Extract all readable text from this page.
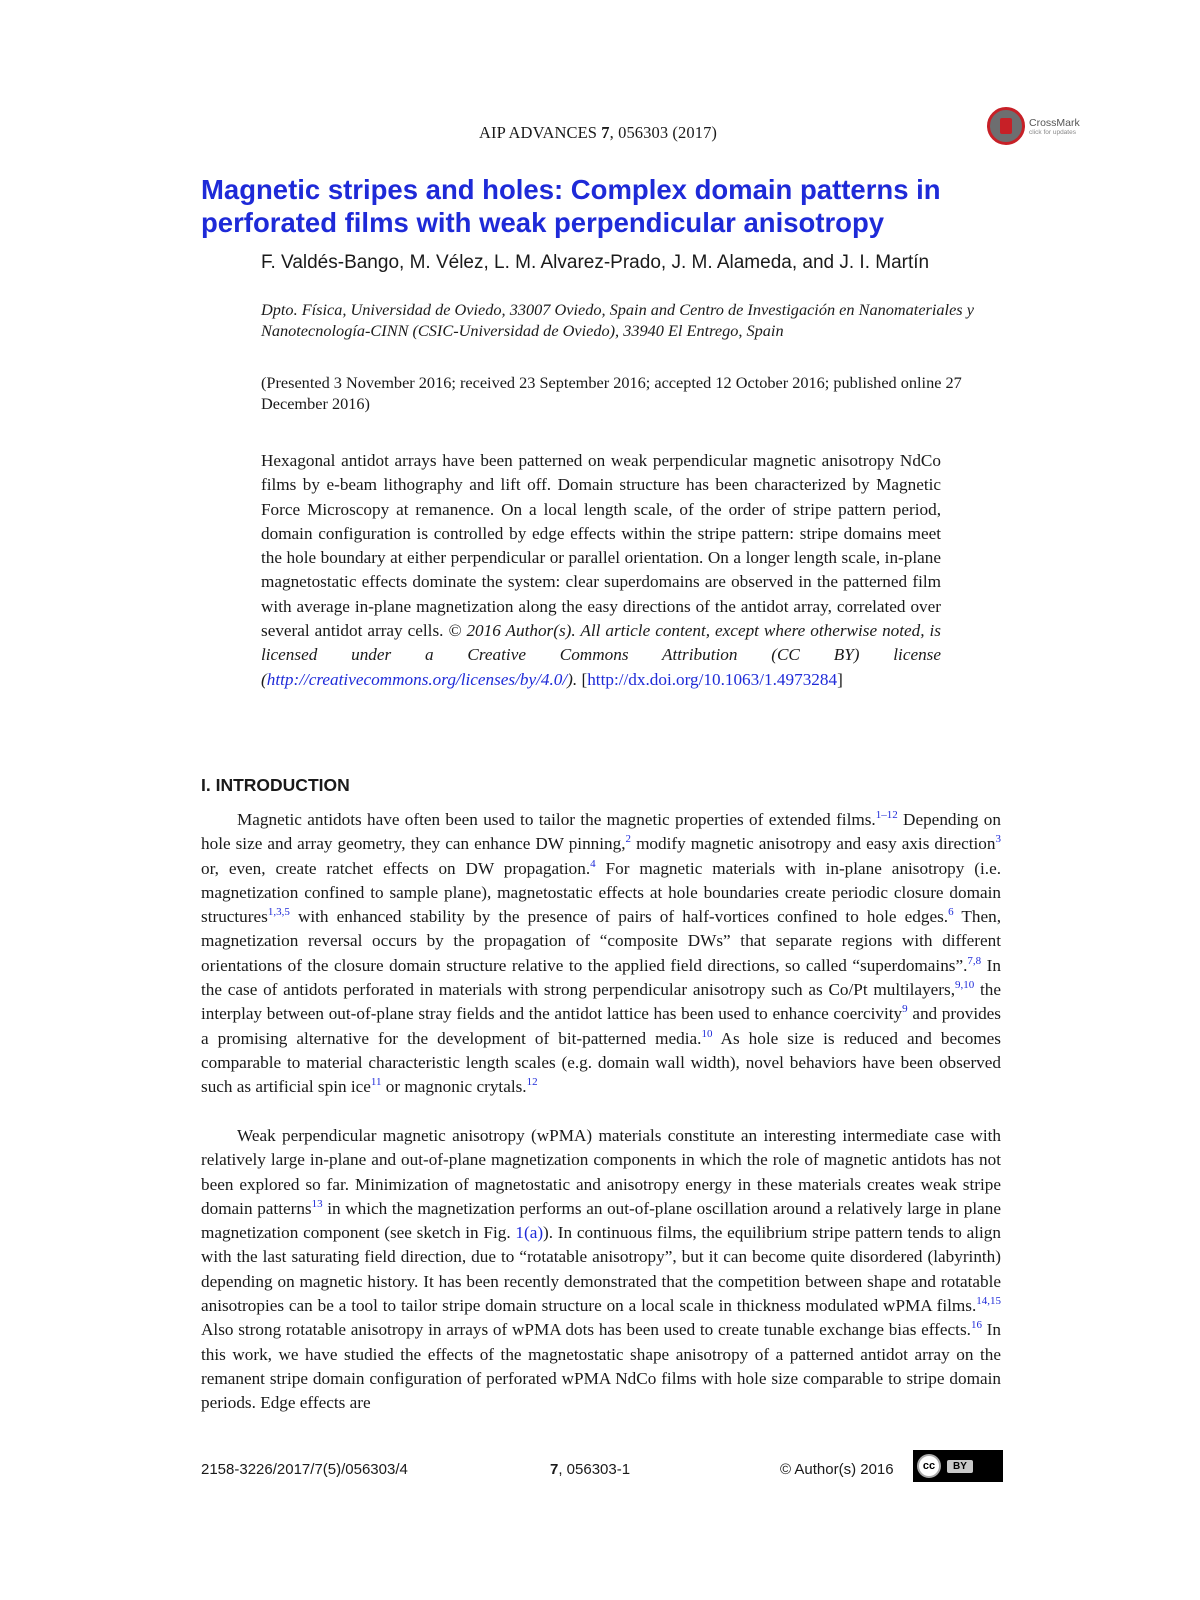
AIP ADVANCES 7, 056303 (2017)
CrossMark
click for updates
Magnetic stripes and holes: Complex domain patterns in perforated films with weak perpendicular anisotropy
F. Valdés-Bango, M. Vélez, L. M. Alvarez-Prado, J. M. Alameda, and J. I. Martín
Dpto. Física, Universidad de Oviedo, 33007 Oviedo, Spain and Centro de Investigación en Nanomateriales y Nanotecnología-CINN (CSIC-Universidad de Oviedo), 33940 El Entrego, Spain
(Presented 3 November 2016; received 23 September 2016; accepted 12 October 2016; published online 27 December 2016)
Hexagonal antidot arrays have been patterned on weak perpendicular magnetic anisotropy NdCo films by e-beam lithography and lift off. Domain structure has been characterized by Magnetic Force Microscopy at remanence. On a local length scale, of the order of stripe pattern period, domain configuration is controlled by edge effects within the stripe pattern: stripe domains meet the hole boundary at either perpendicular or parallel orientation. On a longer length scale, in-plane magnetostatic effects dominate the system: clear superdomains are observed in the patterned film with average in-plane magnetization along the easy directions of the antidot array, correlated over several antidot array cells. © 2016 Author(s). All article content, except where otherwise noted, is licensed under a Creative Commons Attribution (CC BY) license (http://creativecommons.org/licenses/by/4.0/). [http://dx.doi.org/10.1063/1.4973284]
I. INTRODUCTION
Magnetic antidots have often been used to tailor the magnetic properties of extended films.$^{1-12}$ Depending on hole size and array geometry, they can enhance DW pinning,$^2$ modify magnetic anisotropy and easy axis direction$^3$ or, even, create ratchet effects on DW propagation.$^4$ For magnetic materials with in-plane anisotropy (i.e. magnetization confined to sample plane), magnetostatic effects at hole boundaries create periodic closure domain structures$^{1,3,5}$ with enhanced stability by the presence of pairs of half-vortices confined to hole edges.$^6$ Then, magnetization reversal occurs by the propagation of “composite DWs” that separate regions with different orientations of the closure domain structure relative to the applied field directions, so called “superdomains”.$^{7,8}$ In the case of antidots perforated in materials with strong perpendicular anisotropy such as Co/Pt multilayers,$^{9,10}$ the interplay between out-of-plane stray fields and the antidot lattice has been used to enhance coercivity$^9$ and provides a promising alternative for the development of bit-patterned media.$^{10}$ As hole size is reduced and becomes comparable to material characteristic length scales (e.g. domain wall width), novel behaviors have been observed such as artificial spin ice$^{11}$ or magnonic crytals.$^{12}$
Weak perpendicular magnetic anisotropy (wPMA) materials constitute an interesting intermediate case with relatively large in-plane and out-of-plane magnetization components in which the role of magnetic antidots has not been explored so far. Minimization of magnetostatic and anisotropy energy in these materials creates weak stripe domain patterns$^{13}$ in which the magnetization performs an out-of-plane oscillation around a relatively large in plane magnetization component (see sketch in Fig. 1(a)). In continuous films, the equilibrium stripe pattern tends to align with the last saturating field direction, due to “rotatable anisotropy”, but it can become quite disordered (labyrinth) depending on magnetic history. It has been recently demonstrated that the competition between shape and rotatable anisotropies can be a tool to tailor stripe domain structure on a local scale in thickness modulated wPMA films.$^{14,15}$ Also strong rotatable anisotropy in arrays of wPMA dots has been used to create tunable exchange bias effects.$^{16}$ In this work, we have studied the effects of the magnetostatic shape anisotropy of a patterned antidot array on the remanent stripe domain configuration of perforated wPMA NdCo films with hole size comparable to stripe domain periods. Edge effects are
2158-3226/2017/7(5)/056303/4	7, 056303-1	© Author(s) 2016	cc	BY
